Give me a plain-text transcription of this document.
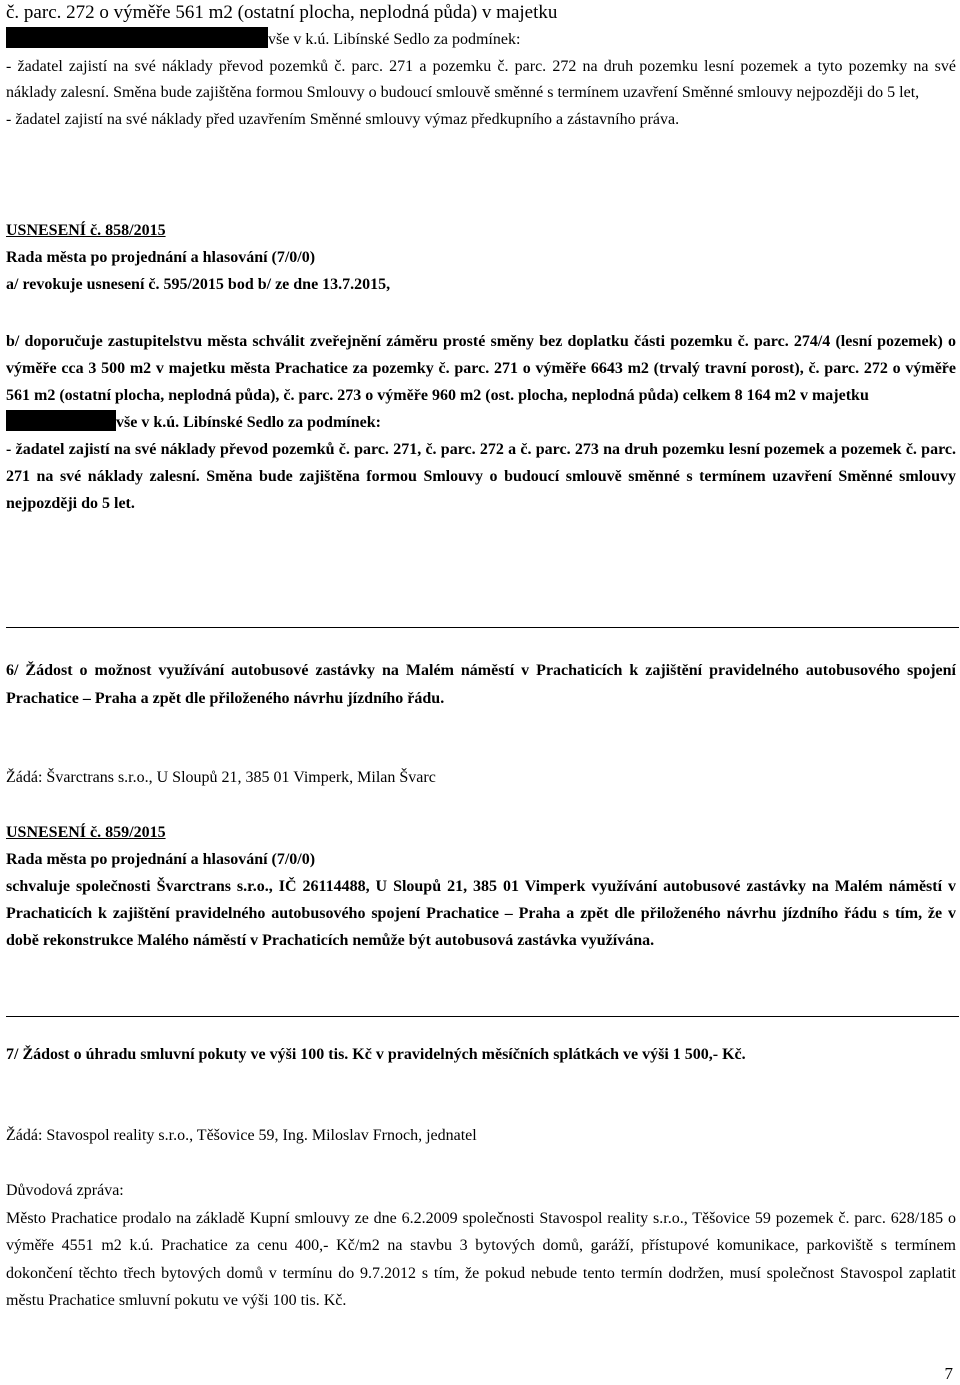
č. parc. 272 o výměře 561 m2 (ostatní plocha, neplodná půda) v majetku

vše v k.ú. Libínské Sedlo za podmínek:

- žadatel zajistí na své náklady převod pozemků č. parc. 271 a pozemku č. parc. 272 na druh pozemku lesní pozemek a tyto pozemky na své náklady zalesní. Směna bude zajištěna formou Smlouvy o budoucí smlouvě směnné s termínem uzavření Směnné smlouvy nejpozději do 5 let,

- žadatel zajistí na své náklady před uzavřením Směnné smlouvy výmaz předkupního a zástavního práva.

USNESENÍ č. 858/2015

Rada města po projednání a hlasování (7/0/0)

a/ revokuje usnesení č. 595/2015 bod b/ ze dne 13.7.2015,

b/ doporučuje zastupitelstvu města schválit zveřejnění záměru prosté směny bez doplatku části pozemku č. parc. 274/4 (lesní pozemek) o výměře cca 3 500 m2 v majetku města Prachatice za pozemky č. parc. 271 o výměře 6643 m2 (trvalý travní porost), č. parc. 272 o výměře 561 m2 (ostatní plocha, neplodná půda), č. parc. 273 o výměře 960 m2 (ost. plocha, neplodná půda) celkem 8 164 m2 v majetku

vše v k.ú. Libínské Sedlo za podmínek:

- žadatel zajistí na své náklady převod pozemků č. parc. 271, č. parc. 272 a č. parc. 273 na druh pozemku lesní pozemek a pozemek č. parc. 271 na své náklady zalesní. Směna bude zajištěna formou Smlouvy o budoucí smlouvě směnné s termínem uzavření Směnné smlouvy nejpozději do 5 let.

6/ Žádost o možnost využívání autobusové zastávky na Malém náměstí v Prachaticích k zajištění pravidelného autobusového spojení Prachatice – Praha a zpět dle přiloženého návrhu jízdního řádu.

Žádá: Švarctrans s.r.o., U Sloupů 21, 385 01 Vimperk, Milan Švarc

USNESENÍ č. 859/2015

Rada města po projednání a hlasování (7/0/0)

schvaluje společnosti Švarctrans s.r.o., IČ 26114488, U Sloupů 21, 385 01 Vimperk využívání autobusové zastávky na Malém náměstí v Prachaticích k zajištění pravidelného autobusového spojení Prachatice – Praha a zpět dle přiloženého návrhu jízdního řádu s tím, že v době rekonstrukce Malého náměstí v Prachaticích nemůže být autobusová zastávka využívána.

7/ Žádost o úhradu smluvní pokuty ve výši 100 tis. Kč v pravidelných měsíčních splátkách ve výši 1 500,- Kč.

Žádá: Stavospol reality s.r.o., Těšovice 59, Ing. Miloslav Frnoch, jednatel

Důvodová zpráva:

Město Prachatice prodalo na základě Kupní smlouvy ze dne 6.2.2009 společnosti Stavospol reality s.r.o., Těšovice 59 pozemek č. parc. 628/185 o výměře 4551 m2 k.ú. Prachatice za cenu 400,- Kč/m2 na stavbu 3 bytových domů, garáží, přístupové komunikace, parkoviště s termínem dokončení těchto třech bytových domů v termínu do 9.7.2012 s tím, že pokud nebude tento termín dodržen, musí společnost Stavospol zaplatit městu Prachatice smluvní pokutu ve výši 100 tis. Kč.

7
